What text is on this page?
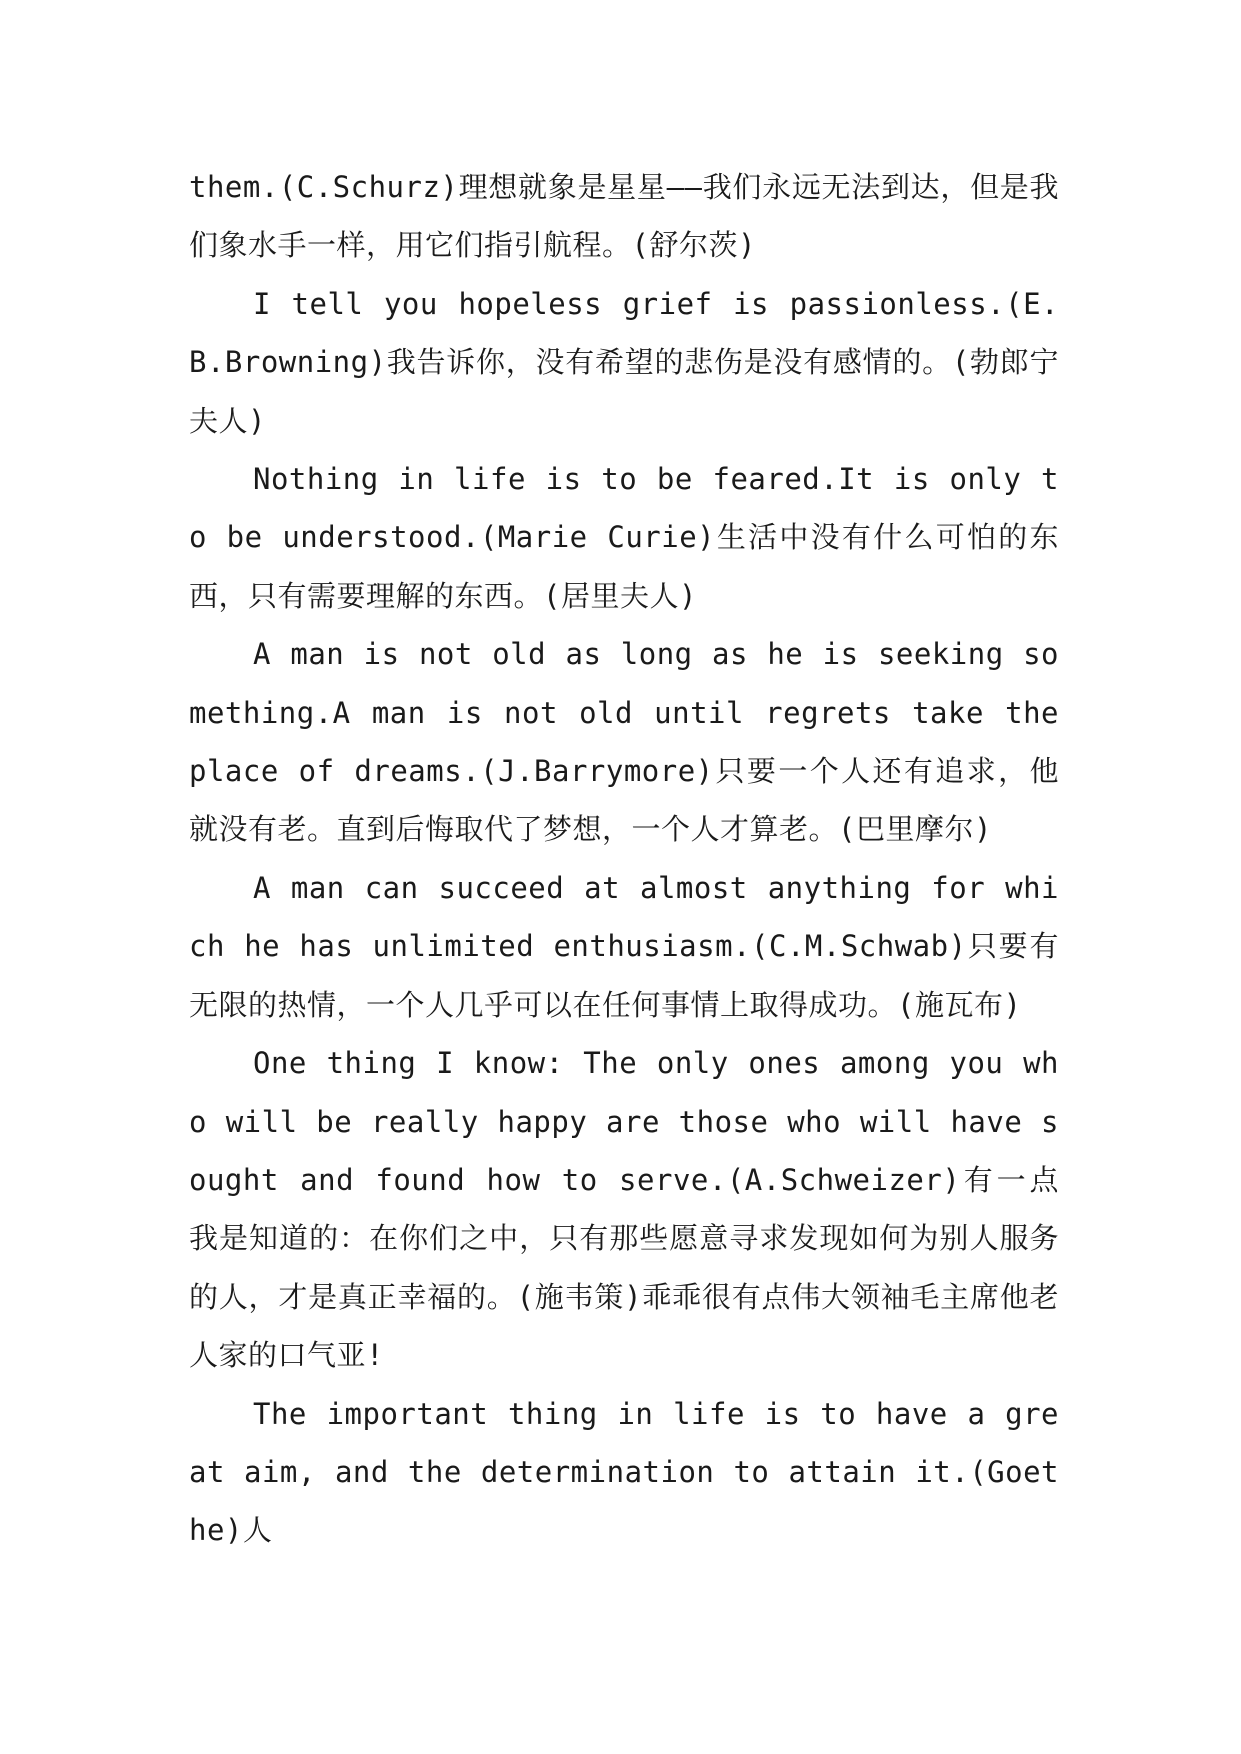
them.(C.Schurz)理想就象是星星——我们永远无法到达，但是我们象水手一样，用它们指引航程。(舒尔茨)

I tell you hopeless grief is passionless.(E.B.Browning)我告诉你，没有希望的悲伤是没有感情的。(勃郎宁夫人)

Nothing in life is to be feared.It is only to be understood.(Marie Curie)生活中没有什么可怕的东西，只有需要理解的东西。(居里夫人)

A man is not old as long as he is seeking something.A man is not old until regrets take the place of dreams.(J.Barrymore)只要一个人还有追求，他就没有老。直到后悔取代了梦想，一个人才算老。(巴里摩尔)

A man can succeed at almost anything for which he has unlimited enthusiasm.(C.M.Schwab)只要有无限的热情，一个人几乎可以在任何事情上取得成功。(施瓦布)

One thing I know: The only ones among you who will be really happy are those who will have sought and found how to serve.(A.Schweizer)有一点我是知道的：在你们之中，只有那些愿意寻求发现如何为别人服务的人，才是真正幸福的。(施韦策)乖乖很有点伟大领袖毛主席他老 人家的口气亚!

The important thing in life is to have a great aim, and the determination to attain it.(Goethe)人
